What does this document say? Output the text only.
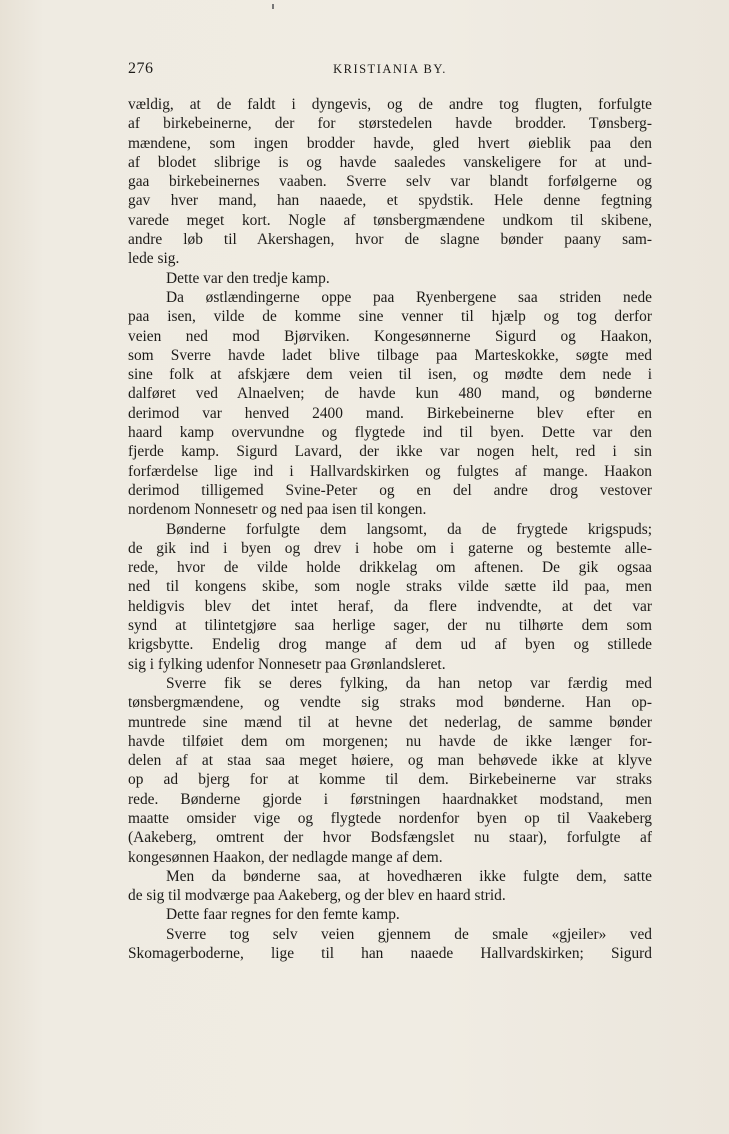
276	KRISTIANIA BY.
vældig, at de faldt i dyngevis, og de andre tog flugten, forfulgte
af birkebeinerne, der for størstedelen havde brodder. Tønsberg-
mændene, som ingen brodder havde, gled hvert øieblik paa den
af blodet slibrige is og havde saaledes vanskeligere for at und-
gaa birkebeinernes vaaben. Sverre selv var blandt forfølgerne og
gav hver mand, han naaede, et spydstik. Hele denne fegtning
varede meget kort. Nogle af tønsbergmændene undkom til skibene,
andre løb til Akershagen, hvor de slagne bønder paany sam-
lede sig.
Dette var den tredje kamp.
Da østlændingerne oppe paa Ryenbergene saa striden nede
paa isen, vilde de komme sine venner til hjælp og tog derfor
veien ned mod Bjørviken. Kongesønnerne Sigurd og Haakon,
som Sverre havde ladet blive tilbage paa Marteskokke, søgte med
sine folk at afskjære dem veien til isen, og mødte dem nede i
dalføret ved Alnaelven; de havde kun 480 mand, og bønderne
derimod var henved 2400 mand. Birkebeinerne blev efter en
haard kamp overvundne og flygtede ind til byen. Dette var den
fjerde kamp. Sigurd Lavard, der ikke var nogen helt, red i sin
forfærdelse lige ind i Hallvardskirken og fulgtes af mange. Haakon
derimod tilligemed Svine-Peter og en del andre drog vestover
nordenom Nonnesetr og ned paa isen til kongen.
Bønderne forfulgte dem langsomt, da de frygtede krigspuds;
de gik ind i byen og drev i hobe om i gaterne og bestemte alle-
rede, hvor de vilde holde drikkelag om aftenen. De gik ogsaa
ned til kongens skibe, som nogle straks vilde sætte ild paa, men
heldigvis blev det intet heraf, da flere indvendte, at det var
synd at tilintetgjøre saa herlige sager, der nu tilhørte dem som
krigsbytte. Endelig drog mange af dem ud af byen og stillede
sig i fylking udenfor Nonnesetr paa Grønlandsleret.
Sverre fik se deres fylking, da han netop var færdig med
tønsbergmændene, og vendte sig straks mod bønderne. Han op-
muntrede sine mænd til at hevne det nederlag, de samme bønder
havde tilføiet dem om morgenen; nu havde de ikke længer for-
delen af at staa saa meget høiere, og man behøvede ikke at klyve
op ad bjerg for at komme til dem. Birkebeinerne var straks
rede. Bønderne gjorde i førstningen haardnakket modstand, men
maatte omsider vige og flygtede nordenfor byen op til Vaakeberg
(Aakeberg, omtrent der hvor Bodsfængslet nu staar), forfulgte af
kongesønnen Haakon, der nedlagde mange af dem.
Men da bønderne saa, at hovedhæren ikke fulgte dem, satte
de sig til modværge paa Aakeberg, og der blev en haard strid.
Dette faar regnes for den femte kamp.
Sverre tog selv veien gjennem de smale «gjeiler» ved
Skomagerboderne, lige til han naaede Hallvardskirken; Sigurd
